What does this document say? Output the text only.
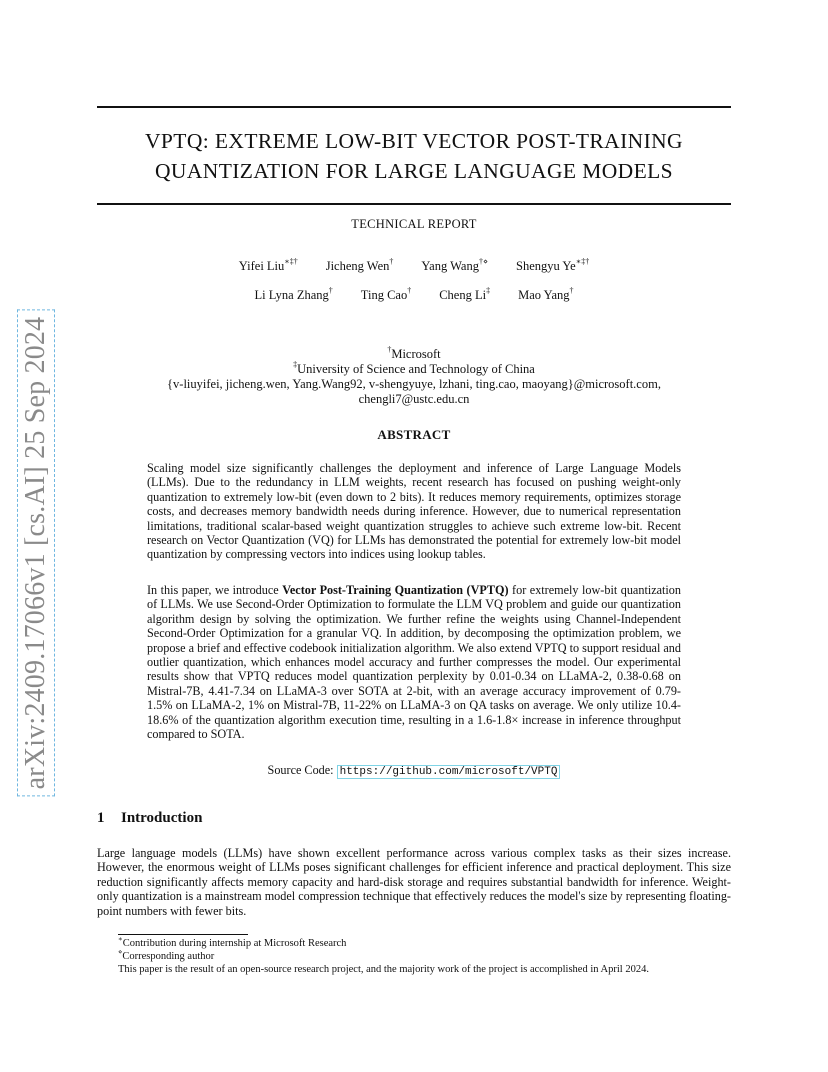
arXiv:2409.17066v1 [cs.AI] 25 Sep 2024
VPTQ: EXTREME LOW-BIT VECTOR POST-TRAINING
QUANTIZATION FOR LARGE LANGUAGE MODELS
TECHNICAL REPORT
Yifei Liu∗‡† Jicheng Wen† Yang Wang†⋄ Shengyu Ye∗‡†
Li Lyna Zhang† Ting Cao† Cheng Li‡ Mao Yang†
†Microsoft
‡University of Science and Technology of China
{v-liuyifei, jicheng.wen, Yang.Wang92, v-shengyuye, lzhani, ting.cao, maoyang}@microsoft.com,
chengli7@ustc.edu.cn
ABSTRACT

Scaling model size significantly challenges the deployment and inference of Large Language Models (LLMs). Due to the redundancy in LLM weights, recent research has focused on pushing weight-only quantization to extremely low-bit (even down to 2 bits). It reduces memory requirements, optimizes storage costs, and decreases memory bandwidth needs during inference. However, due to numerical representation limitations, traditional scalar-based weight quantization struggles to achieve such extreme low-bit. Recent research on Vector Quantization (VQ) for LLMs has demonstrated the potential for extremely low-bit model quantization by compressing vectors into indices using lookup tables.

In this paper, we introduce Vector Post-Training Quantization (VPTQ) for extremely low-bit quantization of LLMs. We use Second-Order Optimization to formulate the LLM VQ problem and guide our quantization algorithm design by solving the optimization. We further refine the weights using Channel-Independent Second-Order Optimization for a granular VQ. In addition, by decomposing the optimization problem, we propose a brief and effective codebook initialization algorithm. We also extend VPTQ to support residual and outlier quantization, which enhances model accuracy and further compresses the model. Our experimental results show that VPTQ reduces model quantization perplexity by 0.01-0.34 on LLaMA-2, 0.38-0.68 on Mistral-7B, 4.41-7.34 on LLaMA-3 over SOTA at 2-bit, with an average accuracy improvement of 0.79-1.5% on LLaMA-2, 1% on Mistral-7B, 11-22% on LLaMA-3 on QA tasks on average. We only utilize 10.4-18.6% of the quantization algorithm execution time, resulting in a 1.6-1.8× increase in inference throughput compared to SOTA.

Source Code: https://github.com/microsoft/VPTQ
1 Introduction

Large language models (LLMs) have shown excellent performance across various complex tasks as their sizes increase. However, the enormous weight of LLMs poses significant challenges for efficient inference and practical deployment. This size reduction significantly affects memory capacity and hard-disk storage and requires substantial bandwidth for inference. Weight-only quantization is a mainstream model compression technique that effectively reduces the model's size by representing floating-point numbers with fewer bits.

∗Contribution during internship at Microsoft Research
⋄Corresponding author
This paper is the result of an open-source research project, and the majority work of the project is accomplished in April 2024.
